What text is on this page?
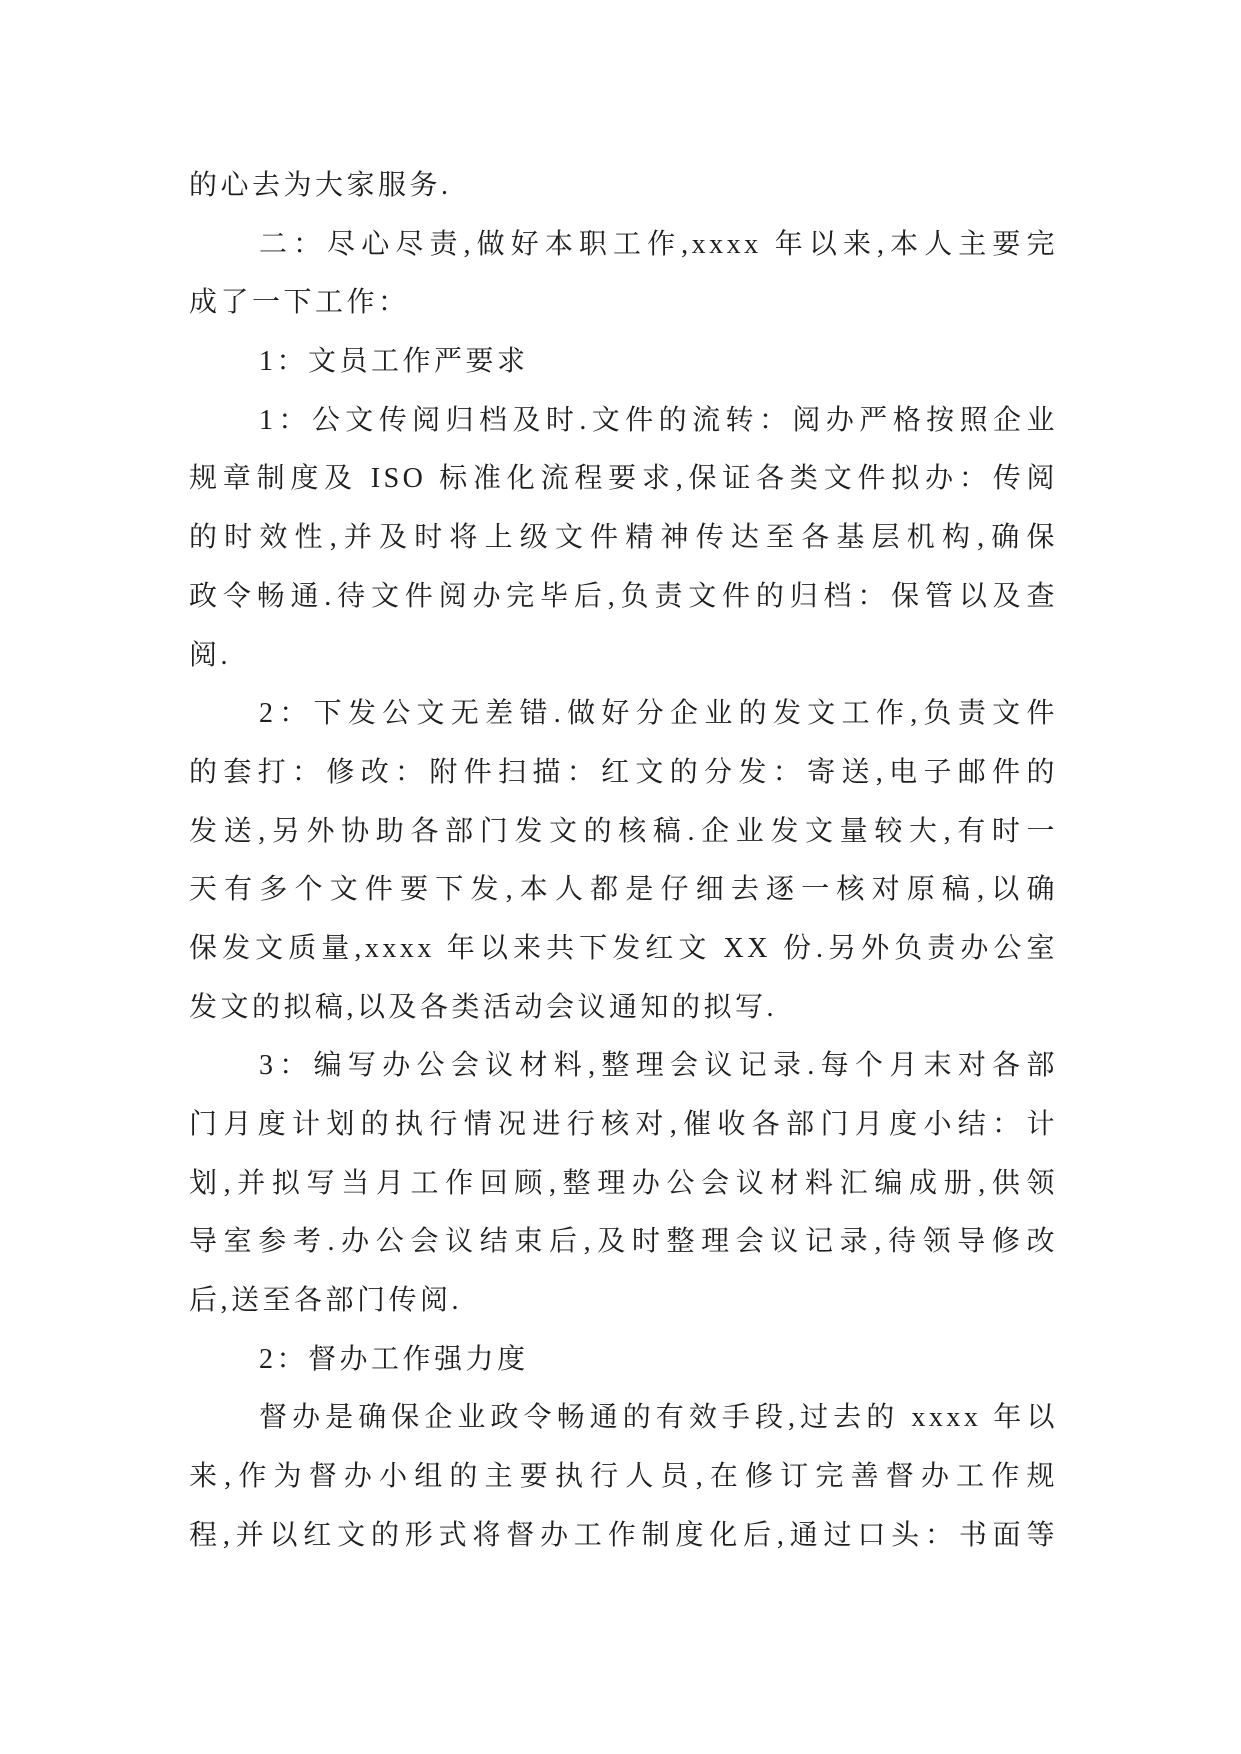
的心去为大家服务.
二：尽心尽责,做好本职工作,xxxx 年以来,本人主要完
成了一下工作：
1：文员工作严要求
1：公文传阅归档及时.文件的流转：阅办严格按照企业
规章制度及 ISO 标准化流程要求,保证各类文件拟办：传阅
的时效性,并及时将上级文件精神传达至各基层机构,确保
政令畅通.待文件阅办完毕后,负责文件的归档：保管以及查
阅.
2：下发公文无差错.做好分企业的发文工作,负责文件
的套打：修改：附件扫描：红文的分发：寄送,电子邮件的
发送,另外协助各部门发文的核稿.企业发文量较大,有时一
天有多个文件要下发,本人都是仔细去逐一核对原稿,以确
保发文质量,xxxx 年以来共下发红文 XX 份.另外负责办公室
发文的拟稿,以及各类活动会议通知的拟写.
3：编写办公会议材料,整理会议记录.每个月末对各部
门月度计划的执行情况进行核对,催收各部门月度小结：计
划,并拟写当月工作回顾,整理办公会议材料汇编成册,供领
导室参考.办公会议结束后,及时整理会议记录,待领导修改
后,送至各部门传阅.
2：督办工作强力度
督办是确保企业政令畅通的有效手段,过去的 xxxx 年以
来,作为督办小组的主要执行人员,在修订完善督办工作规
程,并以红文的形式将督办工作制度化后,通过口头：书面等
